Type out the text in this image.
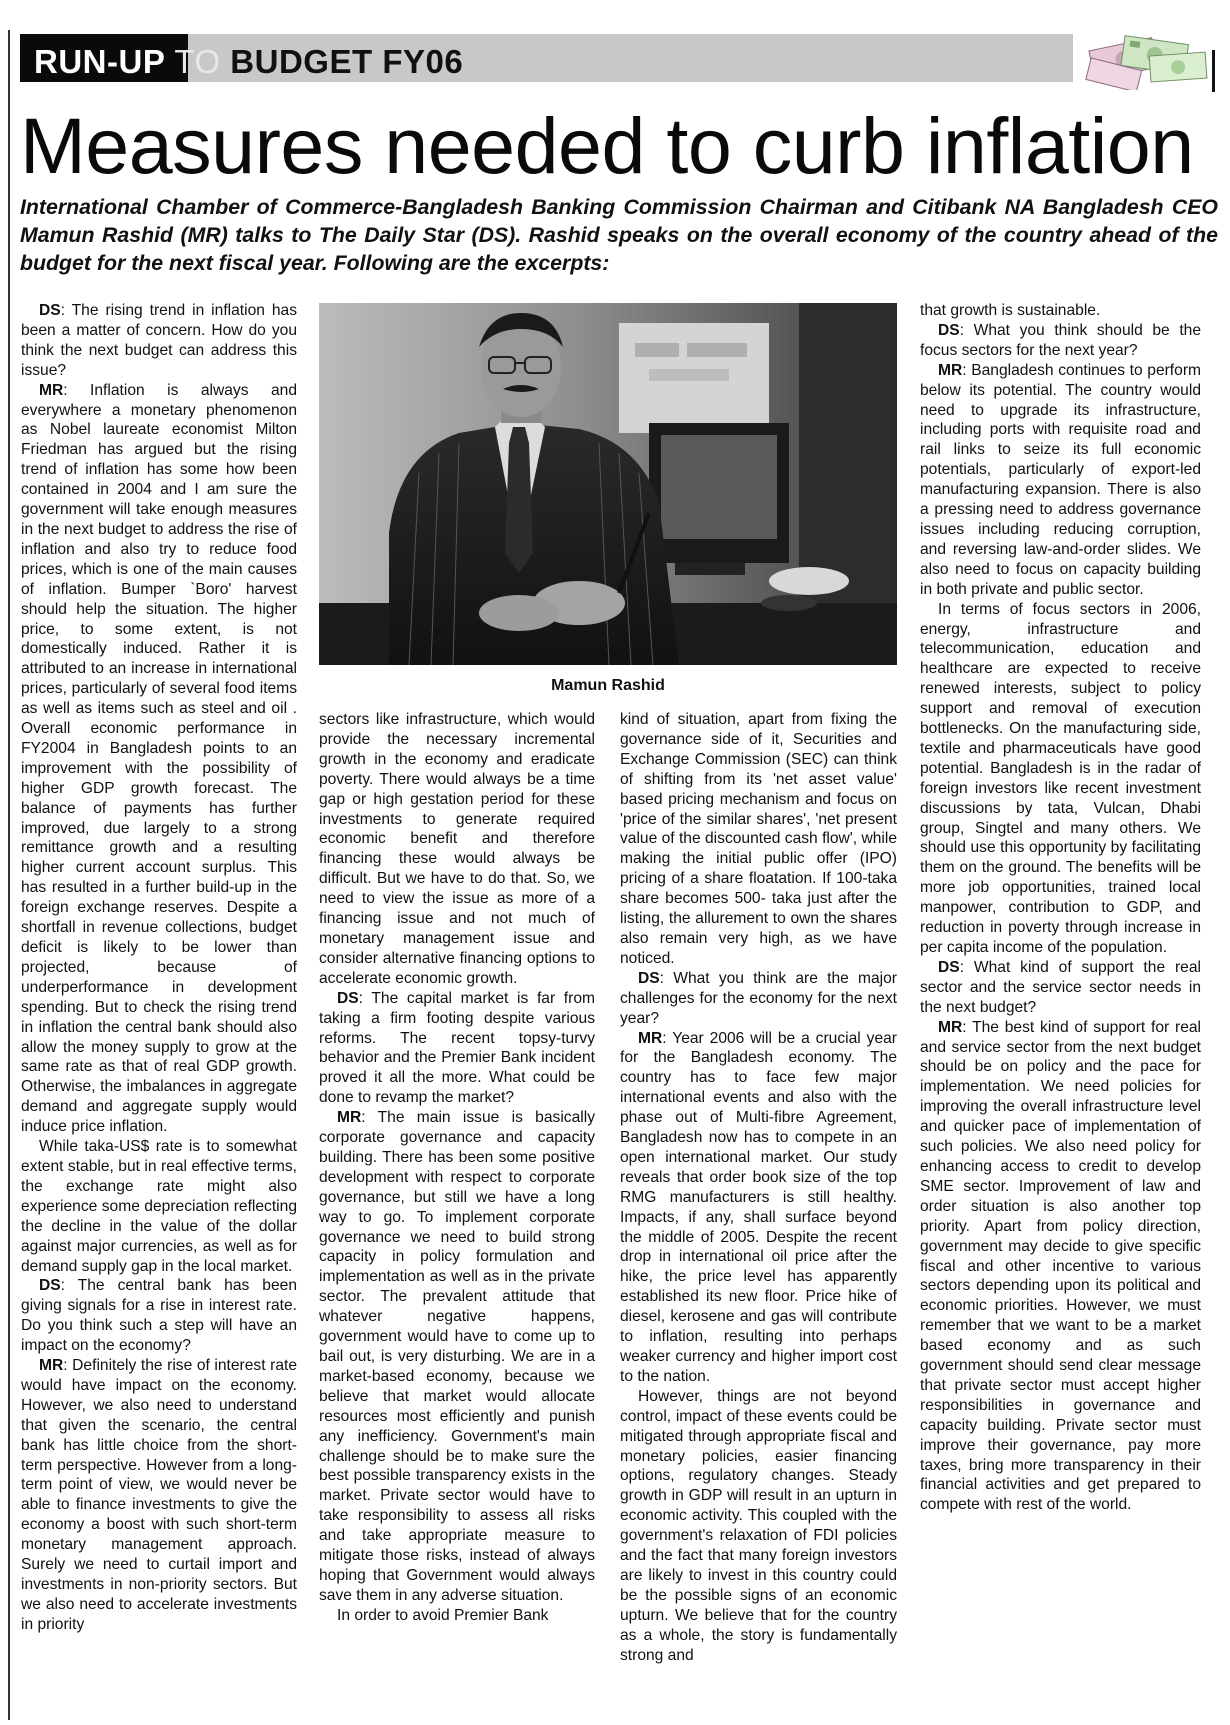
RUN-UP TO BUDGET FY06
Measures needed to curb inflation
International Chamber of Commerce-Bangladesh Banking Commission Chairman and Citibank NA Bangladesh CEO Mamun Rashid (MR) talks to The Daily Star (DS). Rashid speaks on the overall economy of the country ahead of the budget for the next fiscal year. Following are the excerpts:
Mamun Rashid

DS: The rising trend in inflation has been a matter of concern. How do you think the next budget can address this issue?

MR: Inflation is always and everywhere a monetary phenomenon as Nobel laureate economist Milton Friedman has argued but the rising trend of inflation has some how been contained in 2004 and I am sure the government will take enough measures in the next budget to address the rise of inflation and also try to reduce food prices, which is one of the main causes of inflation. Bumper `Boro' harvest should help the situation. The higher price, to some extent, is not domestically induced. Rather it is attributed to an increase in international prices, particularly of several food items as well as items such as steel and oil . Overall economic performance in FY2004 in Bangladesh points to an improvement with the possibility of higher GDP growth forecast. The balance of payments has further improved, due largely to a strong remittance growth and a resulting higher current account surplus. This has resulted in a further build-up in the foreign exchange reserves. Despite a shortfall in revenue collections, budget deficit is likely to be lower than projected, because of underperformance in development spending. But to check the rising trend in inflation the central bank should also allow the money supply to grow at the same rate as that of real GDP growth. Otherwise, the imbalances in aggregate demand and aggregate supply would induce price inflation.

While taka-US$ rate is to somewhat extent stable, but in real effective terms, the exchange rate might also experience some depreciation reflecting the decline in the value of the dollar against major currencies, as well as for demand supply gap in the local market.

DS: The central bank has been giving signals for a rise in interest rate. Do you think such a step will have an impact on the economy?

MR: Definitely the rise of interest rate would have impact on the economy. However, we also need to understand that given the scenario, the central bank has little choice from the short-term perspective. However from a long-term point of view, we would never be able to finance investments to give the economy a boost with such short-term monetary management approach. Surely we need to curtail import and investments in non-priority sectors. But we also need to accelerate investments in priority

sectors like infrastructure, which would provide the necessary incremental growth in the economy and eradicate poverty. There would always be a time gap or high gestation period for these investments to generate required economic benefit and therefore financing these would always be difficult. But we have to do that. So, we need to view the issue as more of a financing issue and not much of monetary management issue and consider alternative financing options to accelerate economic growth.

DS: The capital market is far from taking a firm footing despite various reforms. The recent topsy-turvy behavior and the Premier Bank incident proved it all the more. What could be done to revamp the market?

MR: The main issue is basically corporate governance and capacity building. There has been some positive development with respect to corporate governance, but still we have a long way to go. To implement corporate governance we need to build strong capacity in policy formulation and implementation as well as in the private sector. The prevalent attitude that whatever negative happens, government would have to come up to bail out, is very disturbing. We are in a market-based economy, because we believe that market would allocate resources most efficiently and punish any inefficiency. Government's main challenge should be to make sure the best possible transparency exists in the market. Private sector would have to take responsibility to assess all risks and take appropriate measure to mitigate those risks, instead of always hoping that Government would always save them in any adverse situation.

In order to avoid Premier Bank

kind of situation, apart from fixing the governance side of it, Securities and Exchange Commission (SEC) can think of shifting from its 'net asset value' based pricing mechanism and focus on 'price of the similar shares', 'net present value of the discounted cash flow', while making the initial public offer (IPO) pricing of a share floatation. If 100-taka share becomes 500- taka just after the listing, the allurement to own the shares also remain very high, as we have noticed.

DS: What you think are the major challenges for the economy for the next year?

MR: Year 2006 will be a crucial year for the Bangladesh economy. The country has to face few major international events and also with the phase out of Multi-fibre Agreement, Bangladesh now has to compete in an open international market. Our study reveals that order book size of the top RMG manufacturers is still healthy. Impacts, if any, shall surface beyond the middle of 2005. Despite the recent drop in international oil price after the hike, the price level has apparently established its new floor. Price hike of diesel, kerosene and gas will contribute to inflation, resulting into perhaps weaker currency and higher import cost to the nation.

However, things are not beyond control, impact of these events could be mitigated through appropriate fiscal and monetary policies, easier financing options, regulatory changes. Steady growth in GDP will result in an upturn in economic activity. This coupled with the government's relaxation of FDI policies and the fact that many foreign investors are likely to invest in this country could be the possible signs of an economic upturn. We believe that for the country as a whole, the story is fundamentally strong and

that growth is sustainable.

DS: What you think should be the focus sectors for the next year?

MR: Bangladesh continues to perform below its potential. The country would need to upgrade its infrastructure, including ports with requisite road and rail links to seize its full economic potentials, particularly of export-led manufacturing expansion. There is also a pressing need to address governance issues including reducing corruption, and reversing law-and-order slides. We also need to focus on capacity building in both private and public sector.

In terms of focus sectors in 2006, energy, infrastructure and telecommunication, education and healthcare are expected to receive renewed interests, subject to policy support and removal of execution bottlenecks. On the manufacturing side, textile and pharmaceuticals have good potential. Bangladesh is in the radar of foreign investors like recent investment discussions by tata, Vulcan, Dhabi group, Singtel and many others. We should use this opportunity by facilitating them on the ground. The benefits will be more job opportunities, trained local manpower, contribution to GDP, and reduction in poverty through increase in per capita income of the population.

DS: What kind of support the real sector and the service sector needs in the next budget?

MR: The best kind of support for real and service sector from the next budget should be on policy and the pace for implementation. We need policies for improving the overall infrastructure level and quicker pace of implementation of such policies. We also need policy for enhancing access to credit to develop SME sector. Improvement of law and order situation is also another top priority. Apart from policy direction, government may decide to give specific fiscal and other incentive to various sectors depending upon its political and economic priorities. However, we must remember that we want to be a market based economy and as such government should send clear message that private sector must accept higher responsibilities in governance and capacity building. Private sector must improve their governance, pay more taxes, bring more transparency in their financial activities and get prepared to compete with rest of the world.
